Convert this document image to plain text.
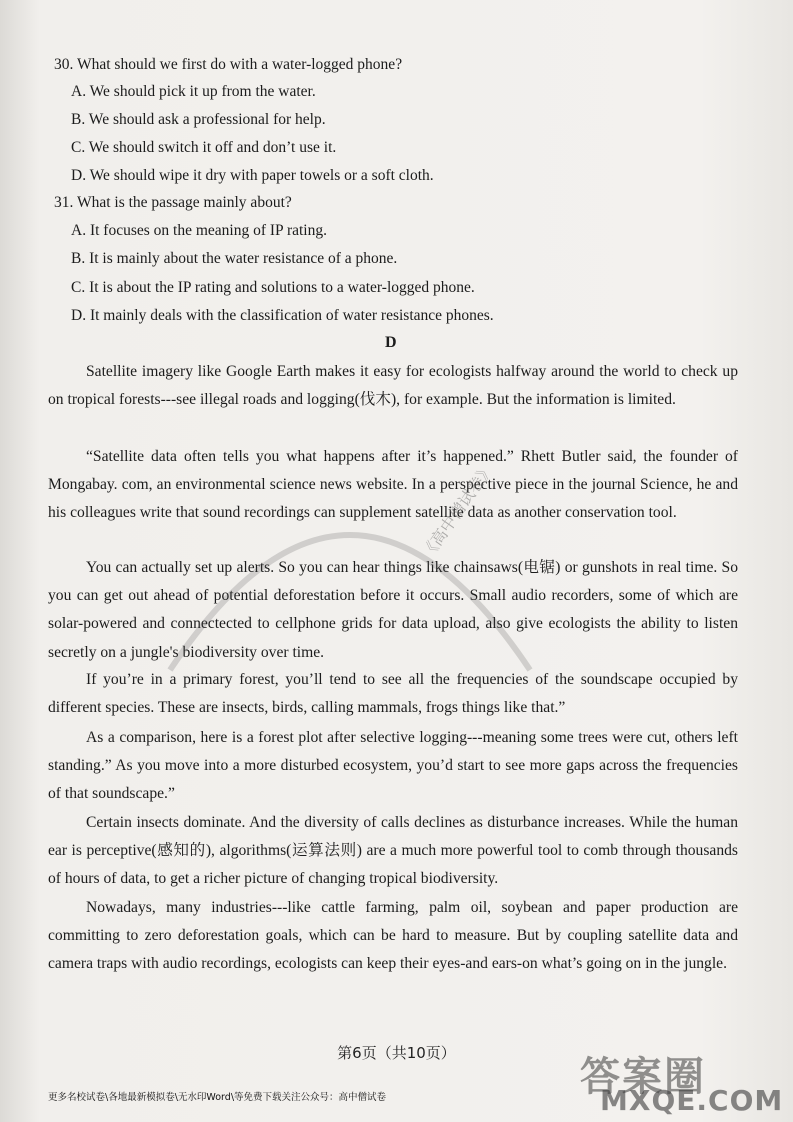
30. What should we first do with a water-logged phone?
A. We should pick it up from the water.
B. We should ask a professional for help.
C. We should switch it off and don’t use it.
D. We should wipe it dry with paper towels or a soft cloth.
31. What is the passage mainly about?
A. It focuses on the meaning of IP rating.
B. It is mainly about the water resistance of a phone.
C. It is about the IP rating and solutions to a water-logged phone.
D. It mainly deals with the classification of water resistance phones.
D
Satellite imagery like Google Earth makes it easy for ecologists halfway around the world to check up on tropical forests---see illegal roads and logging(伐木), for example. But the information is limited.
“Satellite data often tells you what happens after it’s happened.” Rhett Butler said, the founder of Mongabay. com, an environmental science news website. In a perspective piece in the journal Science, he and his colleagues write that sound recordings can supplement satellite data as another conservation tool.
You can actually set up alerts. So you can hear things like chainsaws(电锯) or gunshots in real time. So you can get out ahead of potential deforestation before it occurs. Small audio recorders, some of which are solar-powered and connectected to cellphone grids for data upload, also give ecologists the ability to listen secretly on a jungle's biodiversity over time.
If you’re in a primary forest, you’ll tend to see all the frequencies of the soundscape occupied by different species. These are insects, birds, calling mammals, frogs things like that.”
As a comparison, here is a forest plot after selective logging---meaning some trees were cut, others left standing.” As you move into a more disturbed ecosystem, you’d start to see more gaps across the frequencies of that soundscape.”
Certain insects dominate. And the diversity of calls declines as disturbance increases. While the human ear is perceptive(感知的), algorithms(运算法则) are a much more powerful tool to comb through thousands of hours of data, to get a richer picture of changing tropical biodiversity.
Nowadays, many industries---like cattle farming, palm oil, soybean and paper production are committing to zero deforestation goals, which can be hard to measure. But by coupling satellite data and camera traps with audio recordings, ecologists can keep their eyes-and ears-on what’s going on in the jungle.
《高中僧试卷》
第6页（共10页）
答案圈
MXQE.COM
更多名校试卷\各地最新模拟卷\无水印Word\等免费下载关注公众号：高中僧试卷
